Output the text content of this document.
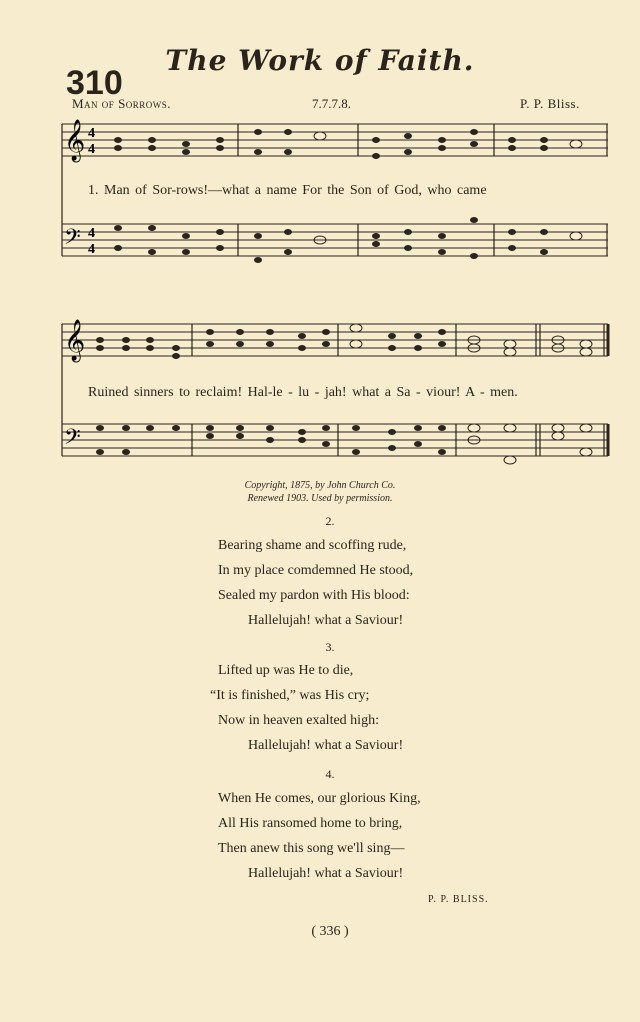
The Work of Faith.
310
Man of Sorrows.	7.7.7.8.	P. P. Bliss.
𝄞
𝄢
4
4
4
4
1. Man of Sor-rows!—what a name For the Son of God, who came
𝄞
𝄢
Ruined sinners to reclaim! Hal-le - lu - jah! what a Sa - viour! A - men.
Copyright, 1875, by John Church Co.
Renewed 1903. Used by permission.
2.
Bearing shame and scoffing rude,
In my place comdemned He stood,
Sealed my pardon with His blood:
Hallelujah! what a Saviour!
3.
Lifted up was He to die,
“It is finished,” was His cry;
Now in heaven exalted high:
Hallelujah! what a Saviour!
4.
When He comes, our glorious King,
All His ransomed home to bring,
Then anew this song we'll sing—
Hallelujah! what a Saviour!
P. P. BLISS.
( 336 )
